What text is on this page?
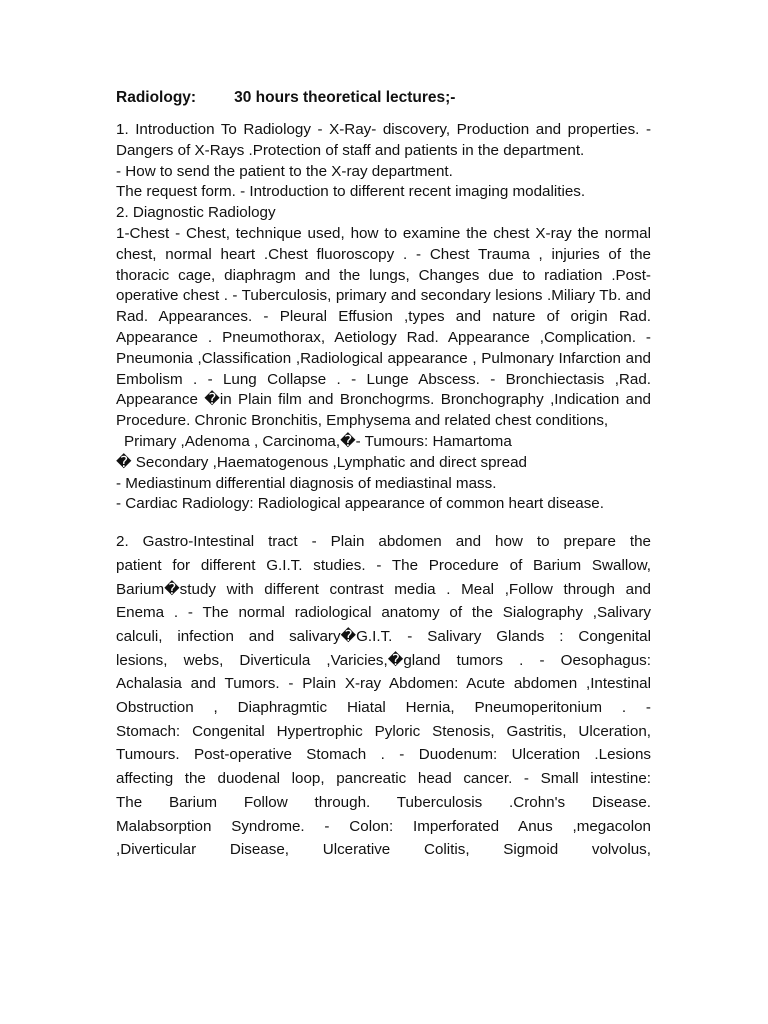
Radiology: 30 hours theoretical lectures;-

1. Introduction To Radiology - X-Ray- discovery, Production and properties. - Dangers of X-Rays .Protection of staff and patients in the department.

- How to send the patient to the X-ray department.

The request form. - Introduction to different recent imaging modalities.

2. Diagnostic Radiology

1-Chest - Chest, technique used, how to examine the chest X-ray the normal chest, normal heart .Chest fluoroscopy . - Chest Trauma , injuries of the thoracic cage, diaphragm and the lungs, Changes due to radiation .Post-operative chest . - Tuberculosis, primary and secondary lesions .Miliary Tb. and Rad. Appearances. - Pleural Effusion ,types and nature of origin Rad. Appearance . Pneumothorax, Aetiology Rad. Appearance ,Complication. - Pneumonia ,Classification ,Radiological appearance , Pulmonary Infarction and Embolism . - Lung Collapse . - Lunge Abscess. - Bronchiectasis ,Rad. Appearance �in Plain film and Bronchogrms. Bronchography ,Indication and Procedure. Chronic Bronchitis, Emphysema and related chest conditions,

Primary ,Adenoma , Carcinoma,�- Tumours: Hamartoma

� Secondary ,Haematogenous ,Lymphatic and direct spread

- Mediastinum differential diagnosis of mediastinal mass.

- Cardiac Radiology: Radiological appearance of common heart disease.

2. Gastro-Intestinal tract - Plain abdomen and how to prepare the

patient for different G.I.T. studies. - The Procedure of Barium Swallow,

Barium�study with different contrast media . Meal ,Follow through and

Enema . - The normal radiological anatomy of the Sialography ,Salivary

calculi, infection and salivary�G.I.T. - Salivary Glands : Congenital

lesions, webs, Diverticula ,Varicies,�gland tumors . - Oesophagus:

Achalasia and Tumors. - Plain X-ray Abdomen: Acute abdomen ,Intestinal

Obstruction , Diaphragmtic Hiatal Hernia, Pneumoperitonium . -

Stomach: Congenital Hypertrophic Pyloric Stenosis, Gastritis, Ulceration,

Tumours. Post-operative Stomach . - Duodenum: Ulceration .Lesions

affecting the duodenal loop, pancreatic head cancer. - Small intestine:

The Barium Follow through. Tuberculosis .Crohn's Disease.

Malabsorption Syndrome. - Colon: Imperforated Anus ,megacolon

,Diverticular Disease, Ulcerative Colitis, Sigmoid volvolus,
